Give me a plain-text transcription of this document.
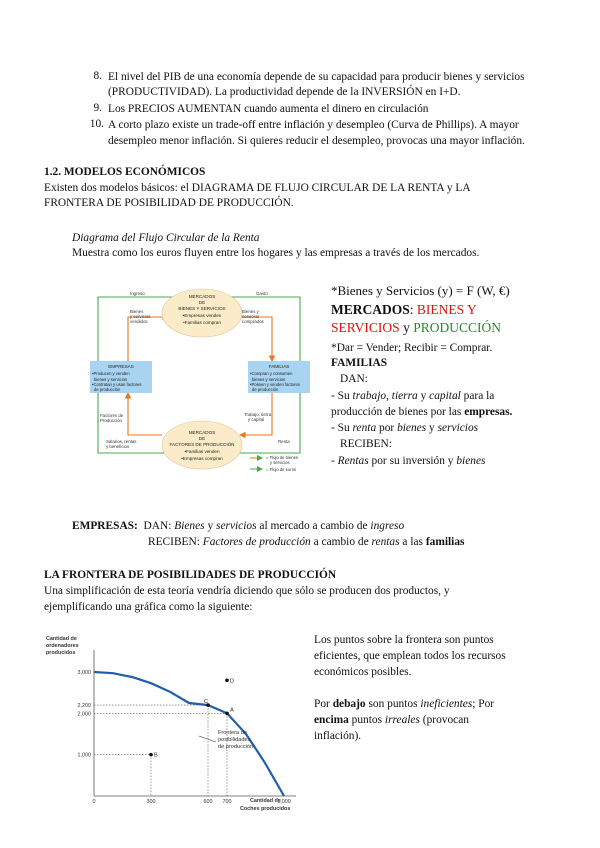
8. El nivel del PIB de una economía depende de su capacidad para producir bienes y servicios
(PRODUCTIVIDAD). La productividad depende de la INVERSIÓN en I+D.
9. Los PRECIOS AUMENTAN cuando aumenta el dinero en circulación
10. A corto plazo existe un trade-off entre inflación y desempleo (Curva de Phillips). A mayor
desempleo menor inflación. Si quieres reducir el desempleo, provocas una mayor inflación.
1.2. MODELOS ECONÓMICOS
Existen dos modelos básicos: el DIAGRAMA DE FLUJO CIRCULAR DE LA RENTA y LA
FRONTERA DE POSIBILIDAD DE PRODUCCIÓN.
Diagrama del Flujo Circular de la Renta
Muestra como los euros fluyen entre los hogares y las empresas a través de los mercados.
MERCADOS
DE
BIENES Y SERVICIOS
•Empresas venden
•Familias compran
MERCADOS
DE
FACTORES DE PRODUCCIÓN
•Familias venden
•Empresas compran
EMPRESAS	FAMILIAS
•Producen y venden
bienes y servicios
•Contratan y usan factores
de producción
•Compran y consumen
bienes y servicios
•Poseen y venden factores
de producción
Ingreso	Gasto
Bienes
y servicios
vendidos
Bienes y
servicios
comprados
Factores de
Producción
Trabajo, tierra
y capital
Salarios, rentas
y beneficios
Renta
= Flujo de bienes
y servicios
= Flujo de euros
*Bienes y Servicios (y) = F (W, €)
MERCADOS: BIENES Y
SERVICIOS y PRODUCCIÓN
*Dar = Vender; Recibir = Comprar.
FAMILIAS
DAN:
- Su trabajo, tierra y capital para la
producción de bienes por las empresas.
- Su renta por bienes y servicios
RECIBEN:
- Rentas por su inversión y bienes
EMPRESAS: DAN: Bienes y servicios al mercado a cambio de ingreso
RECIBEN: Factores de producción a cambio de rentas a las familias
LA FRONTERA DE POSIBILIDADES DE PRODUCCIÓN
Una simplificación de esta teoría vendría diciendo que sólo se producen dos productos, y
ejemplificando una gráfica como la siguiente:
Cantidad de
ordenadores
producidos
Cantidad de
Coches producidos
1,000
2,000
2,200
3,000
0	300	600 700	1,000
A
B
C
D
Frontera de
posibilidades
de producción
Los puntos sobre la frontera son puntos
eficientes, que emplean todos los recursos
económicos posibles.
Por debajo son puntos ineficientes; Por
encima puntos irreales (provocan
inflación).
